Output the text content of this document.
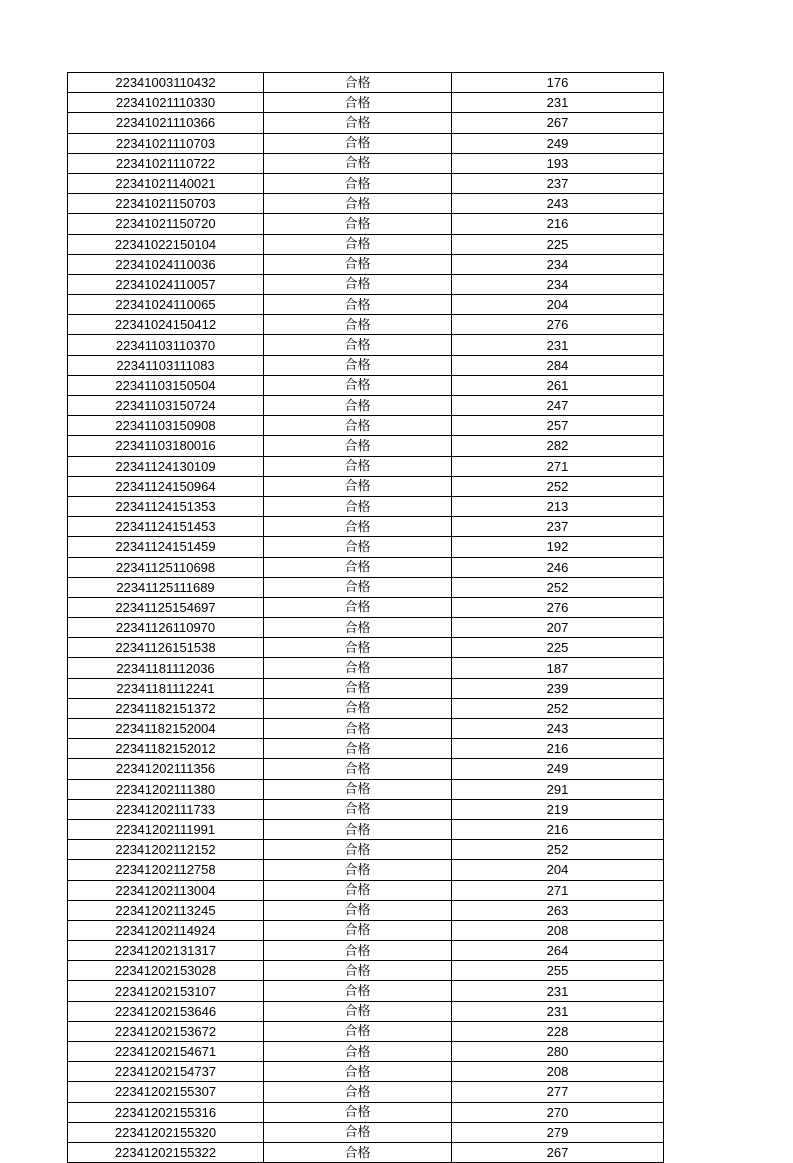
22341003110432	合格	176
22341021110330	合格	231
22341021110366	合格	267
22341021110703	合格	249
22341021110722	合格	193
22341021140021	合格	237
22341021150703	合格	243
22341021150720	合格	216
22341022150104	合格	225
22341024110036	合格	234
22341024110057	合格	234
22341024110065	合格	204
22341024150412	合格	276
22341103110370	合格	231
22341103111083	合格	284
22341103150504	合格	261
22341103150724	合格	247
22341103150908	合格	257
22341103180016	合格	282
22341124130109	合格	271
22341124150964	合格	252
22341124151353	合格	213
22341124151453	合格	237
22341124151459	合格	192
22341125110698	合格	246
22341125111689	合格	252
22341125154697	合格	276
22341126110970	合格	207
22341126151538	合格	225
22341181112036	合格	187
22341181112241	合格	239
22341182151372	合格	252
22341182152004	合格	243
22341182152012	合格	216
22341202111356	合格	249
22341202111380	合格	291
22341202111733	合格	219
22341202111991	合格	216
22341202112152	合格	252
22341202112758	合格	204
22341202113004	合格	271
22341202113245	合格	263
22341202114924	合格	208
22341202131317	合格	264
22341202153028	合格	255
22341202153107	合格	231
22341202153646	合格	231
22341202153672	合格	228
22341202154671	合格	280
22341202154737	合格	208
22341202155307	合格	277
22341202155316	合格	270
22341202155320	合格	279
22341202155322	合格	267
